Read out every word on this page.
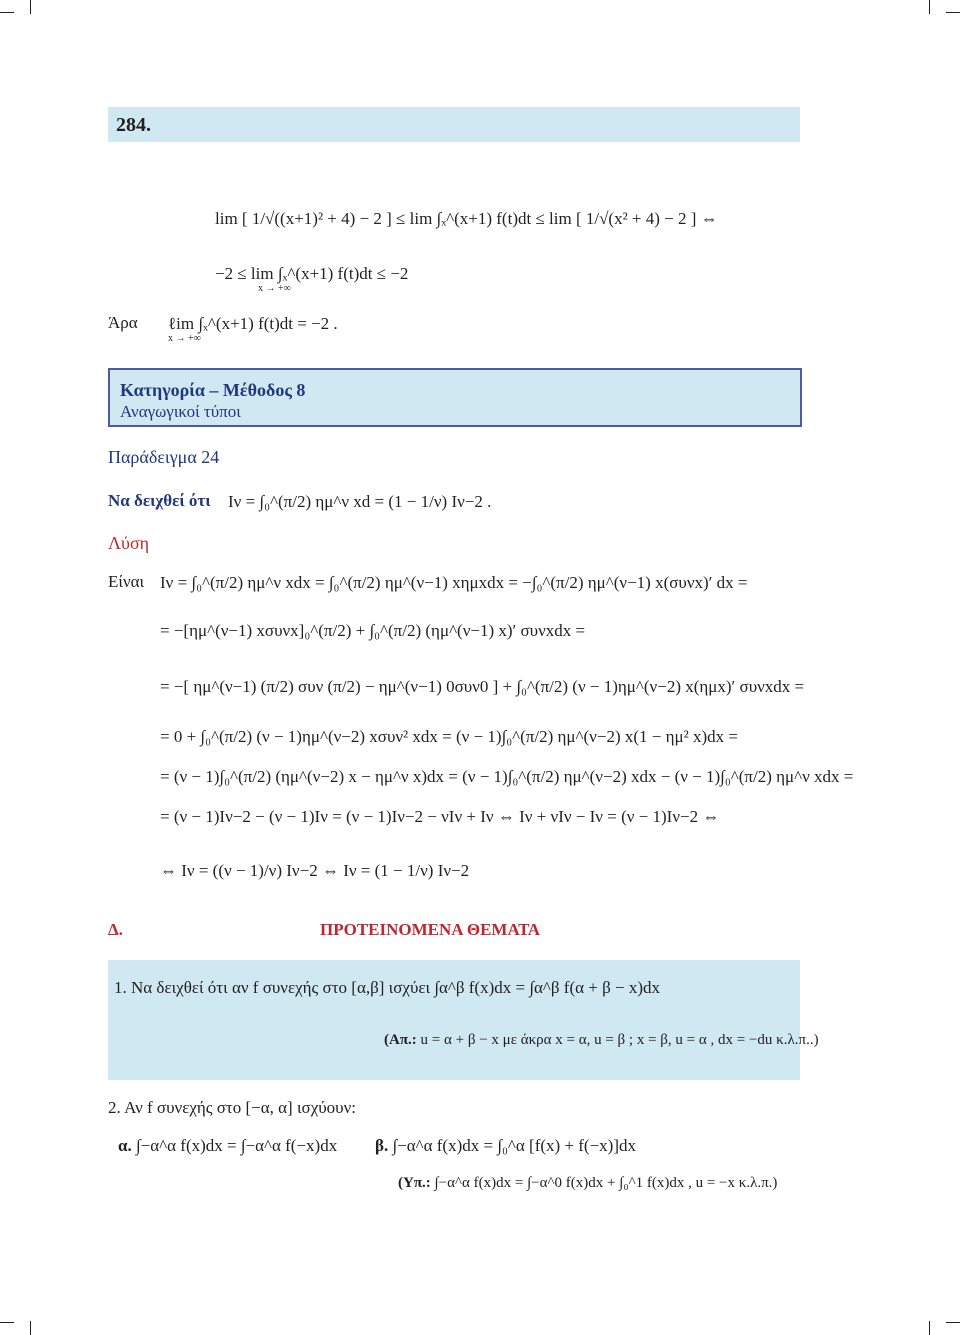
284.
lim [ 1/√((x+1)² + 4) − 2 ] ≤ lim ∫ₓ^(x+1) f(t)dt ≤ lim [ 1/√(x² + 4) − 2 ] ⇔
−2 ≤ lim ∫ₓ^(x+1) f(t)dt ≤ −2
x → +∞
Άρα ℓim ∫ₓ^(x+1) f(t)dt = −2 .
x → +∞
Κατηγορία – Μέθοδος 8
Αναγωγικοί τύποι
Παράδειγμα 24
Να δειχθεί ότι Iν = ∫₀^(π/2) ημ^ν xd = (1 − 1/ν) Iν−2 .
Λύση
Είναι Iν = ∫₀^(π/2) ημ^ν xdx = ∫₀^(π/2) ημ^(ν−1) xημxdx = −∫₀^(π/2) ημ^(ν−1) x(συνx)′ dx =
= −[ημ^(ν−1) xσυνx]₀^(π/2) + ∫₀^(π/2) (ημ^(ν−1) x)′ συνxdx =
= −[ ημ^(ν−1) (π/2) συν (π/2) − ημ^(ν−1) 0συν0 ] + ∫₀^(π/2) (ν − 1)ημ^(ν−2) x(ημx)′ συνxdx =
= 0 + ∫₀^(π/2) (ν − 1)ημ^(ν−2) xσυν² xdx = (ν − 1)∫₀^(π/2) ημ^(ν−2) x(1 − ημ² x)dx =
= (ν − 1)∫₀^(π/2) (ημ^(ν−2) x − ημ^ν x)dx = (ν − 1)∫₀^(π/2) ημ^(ν−2) xdx − (ν − 1)∫₀^(π/2) ημ^ν xdx =
= (ν − 1)Iν−2 − (ν − 1)Iν = (ν − 1)Iν−2 − νIν + Iν ⇔ Iν + νIν − Iν = (ν − 1)Iν−2 ⇔
⇔ Iν = ((ν − 1)/ν) Iν−2 ⇔ Iν = (1 − 1/ν) Iν−2
Δ.	ΠΡΟΤΕΙΝΟΜΕΝΑ ΘΕΜΑΤΑ
1. Να δειχθεί ότι αν f συνεχής στο [α,β] ισχύει ∫α^β f(x)dx = ∫α^β f(α + β − x)dx
(Απ.: u = α + β − x με άκρα x = α, u = β ; x = β, u = α , dx = −du κ.λ.π..)
2. Αν f συνεχής στο [−α, α] ισχύουν:
α. ∫−α^α f(x)dx = ∫−α^α f(−x)dx β. ∫−α^α f(x)dx = ∫₀^α [f(x) + f(−x)]dx
(Υπ.: ∫−α^α f(x)dx = ∫−α^0 f(x)dx + ∫₀^1 f(x)dx , u = −x κ.λ.π.)
